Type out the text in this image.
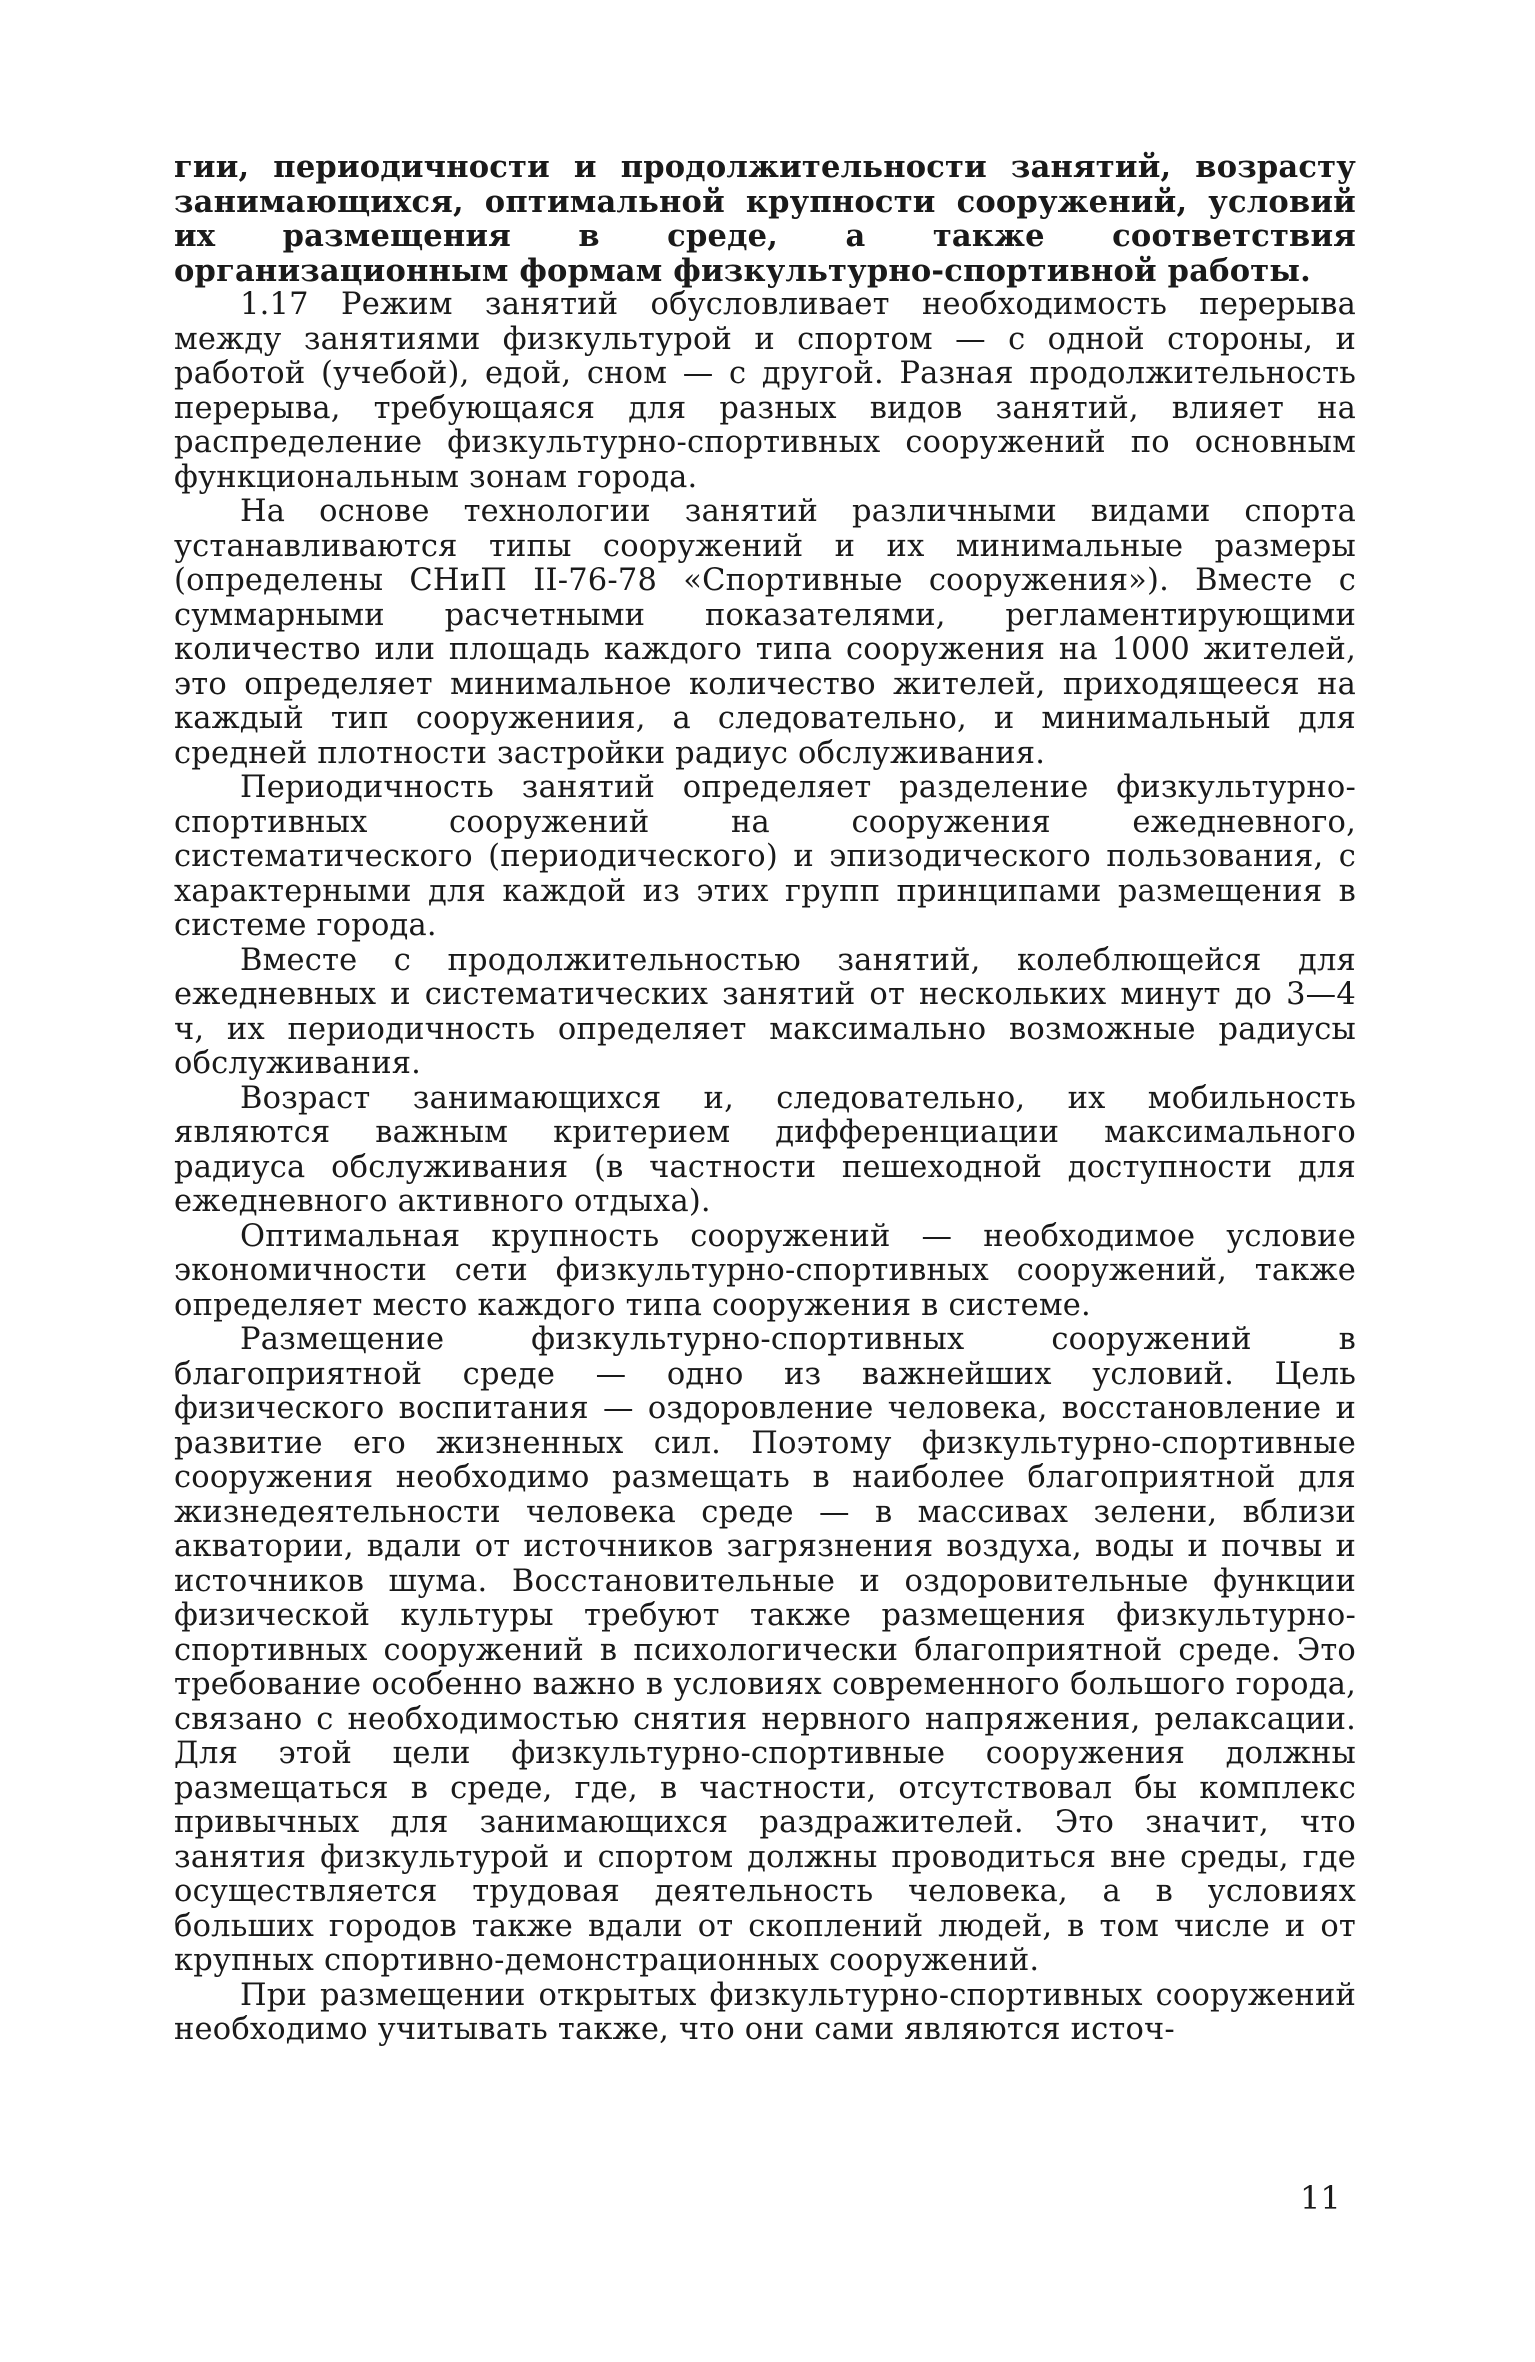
гии, периодичности и продолжительности занятий, возрасту занимающихся, оптимальной крупности сооружений, условий их размещения в среде, а также соответствия организационным формам физкультурно-спортивной работы.

1.17 Режим занятий обусловливает необходимость перерыва между занятиями физкультурой и спортом — с одной стороны, и работой (учебой), едой, сном — с другой. Разная продолжительность перерыва, требующаяся для разных видов занятий, влияет на распределение физкультурно-спортивных сооружений по основным функциональным зонам города.

На основе технологии занятий различными видами спорта устанавливаются типы сооружений и их минимальные размеры (определены СНиП II-76-78 «Спортивные сооружения»). Вместе с суммарными расчетными показателями, регламентирующими количество или площадь каждого типа сооружения на 1000 жителей, это определяет минимальное количество жителей, приходящееся на каждый тип сооружениия, а следовательно, и минимальный для средней плотности застройки радиус обслуживания.

Периодичность занятий определяет разделение физкультурно-спортивных сооружений на сооружения ежедневного, систематического (периодического) и эпизодического пользования, с характерными для каждой из этих групп принципами размещения в системе города.

Вместе с продолжительностью занятий, колеблющейся для ежедневных и систематических занятий от нескольких минут до 3—4 ч, их периодичность определяет максимально возможные радиусы обслуживания.

Возраст занимающихся и, следовательно, их мобильность являются важным критерием дифференциации максимального радиуса обслуживания (в частности пешеходной доступности для ежедневного активного отдыха).

Оптимальная крупность сооружений — необходимое условие экономичности сети физкультурно-спортивных сооружений, также определяет место каждого типа сооружения в системе.

Размещение физкультурно-спортивных сооружений в благоприятной среде — одно из важнейших условий. Цель физического воспитания — оздоровление человека, восстановление и развитие его жизненных сил. Поэтому физкультурно-спортивные сооружения необходимо размещать в наиболее благоприятной для жизнедеятельности человека среде — в массивах зелени, вблизи акватории, вдали от источников загрязнения воздуха, воды и почвы и источников шума. Восстановительные и оздоровительные функции физической культуры требуют также размещения физкультурно-спортивных сооружений в психологически благоприятной среде. Это требование особенно важно в условиях современного большого города, связано с необходимостью снятия нервного напряжения, релаксации. Для этой цели физкультурно-спортивные сооружения должны размещаться в среде, где, в частности, отсутствовал бы комплекс привычных для занимающихся раздражителей. Это значит, что занятия физкультурой и спортом должны проводиться вне среды, где осуществляется трудовая деятельность человека, а в условиях больших городов также вдали от скоплений людей, в том числе и от крупных спортивно-демонстрационных сооружений.

При размещении открытых физкультурно-спортивных сооружений необходимо учитывать также, что они сами являются источ-

11
